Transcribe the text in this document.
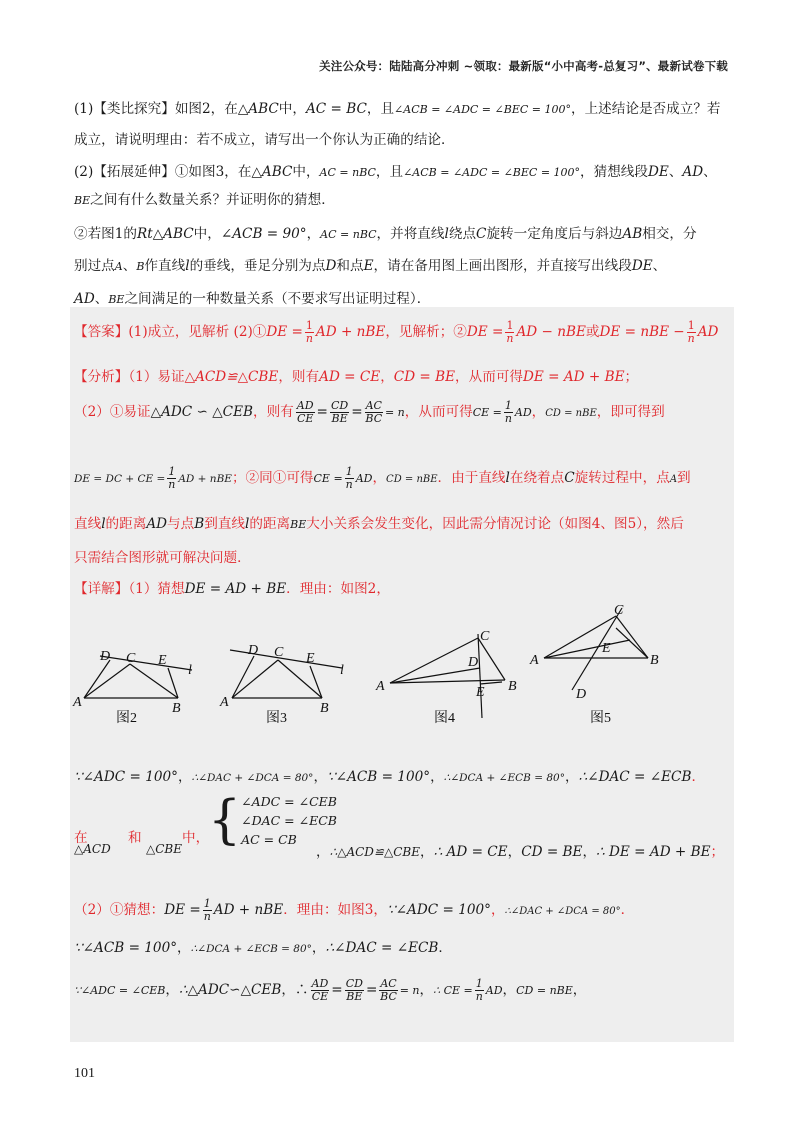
关注公众号：陆陆高分冲刺 ~领取：最新版“小中高考-总复习”、最新试卷下载
(1)【类比探究】如图2，在△ABC中，AC = BC，且∠ACB = ∠ADC = ∠BEC = 100°，上述结论是否成立？若
成立，请说明理由：若不成立，请写出一个你认为正确的结论．
(2)【拓展延伸】①如图3，在△ABC中，AC = nBC，且∠ACB = ∠ADC = ∠BEC = 100°，猜想线段DE、AD、
BE之间有什么数量关系？并证明你的猜想．
②若图1的Rt△ABC中，∠ACB = 90°，AC = nBC，并将直线l绕点C旋转一定角度后与斜边AB相交，分
别过点A、B作直线l的垂线，垂足分别为点D和点E，请在备用图上画出图形，并直接写出线段DE、
AD、BE之间满足的一种数量关系（不要求写出证明过程）．
【答案】(1)成立，见解析 (2)①DE = $\frac{1}{n}$ AD + nBE，见解析；②DE = $\frac{1}{n}$ AD − nBE或DE = nBE − $\frac{1}{n}$ AD
【分析】（1）易证△ACD≌△CBE，则有AD = CE，CD = BE，从而可得DE = AD + BE；
（2）①易证△ADC ∽ △CEB，则有 $\frac{AD}{CE} = \frac{CD}{BE} = \frac{AC}{BC} = n$，从而可得CE = $\frac{1}{n}$ AD，CD = nBE，即可得到
DE = DC + CE = $\frac{1}{n}$ AD + nBE；②同①可得CE = $\frac{1}{n}$ AD，CD = nBE．由于直线l在绕着点C旋转过程中，点A到
直线l的距离AD与点B到直线l的距离BE大小关系会发生变化，因此需分情况讨论（如图4、图5），然后
只需结合图形就可解决问题．
【详解】（1）猜想DE = AD + BE．理由：如图2，
A	B
C
D	E
l
图2
A	B
C
D
E
l
图3
A	B
C
D
E
图4
A	B
C
D
E
图5
∵∠ADC = 100°，∴∠DAC + ∠DCA = 80°，∵∠ACB = 100°，∴∠DCA + ∠ECB = 80°，∴∠DAC = ∠ECB．
在	和	中，
△ACD	△CBE { ∠ADC = ∠CEB
∠DAC = ∠ECB
AC = CB
，∴△ACD≌△CBE，∴ AD = CE，CD = BE，∴ DE = AD + BE；
（2）①猜想：DE = $\frac{1}{n}$ AD + nBE．理由：如图3，∵∠ADC = 100°，∴∠DAC + ∠DCA = 80°．
∵∠ACB = 100°，∴∠DCA + ∠ECB = 80°，∴∠DAC = ∠ECB．
∵∠ADC = ∠CEB，∴△ADC∽△CEB，∴ $\frac{AD}{CE} = \frac{CD}{BE} = \frac{AC}{BC} = n$，∴ CE = $\frac{1}{n}$ AD，CD = nBE，
101
